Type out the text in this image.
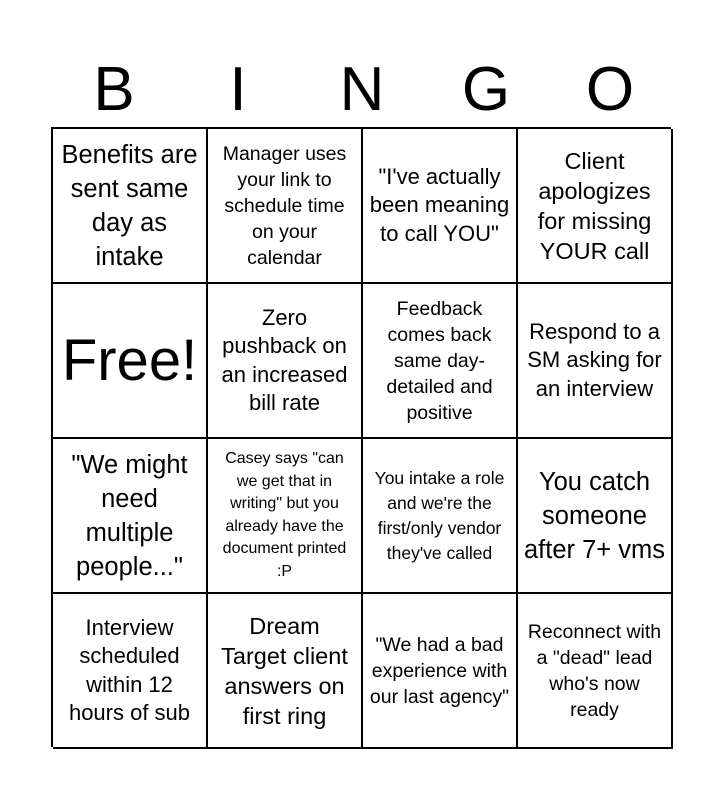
B	I	N	G	O
Benefits are sent same day as intake
Manager uses your link to schedule time on your calendar
"I've actually been meaning to call YOU"
Client apologizes for missing YOUR call
Free!
Zero pushback on an increased bill rate
Feedback comes back same day-detailed and positive
Respond to a SM asking for an interview
"We might need multiple people..."
Casey says "can we get that in writing" but you already have the document printed :P
You intake a role and we're the first/only vendor they've called
You catch someone after 7+ vms
Interview scheduled within 12 hours of sub
Dream Target client answers on first ring
"We had a bad experience with our last agency"
Reconnect with a "dead" lead who's now ready
